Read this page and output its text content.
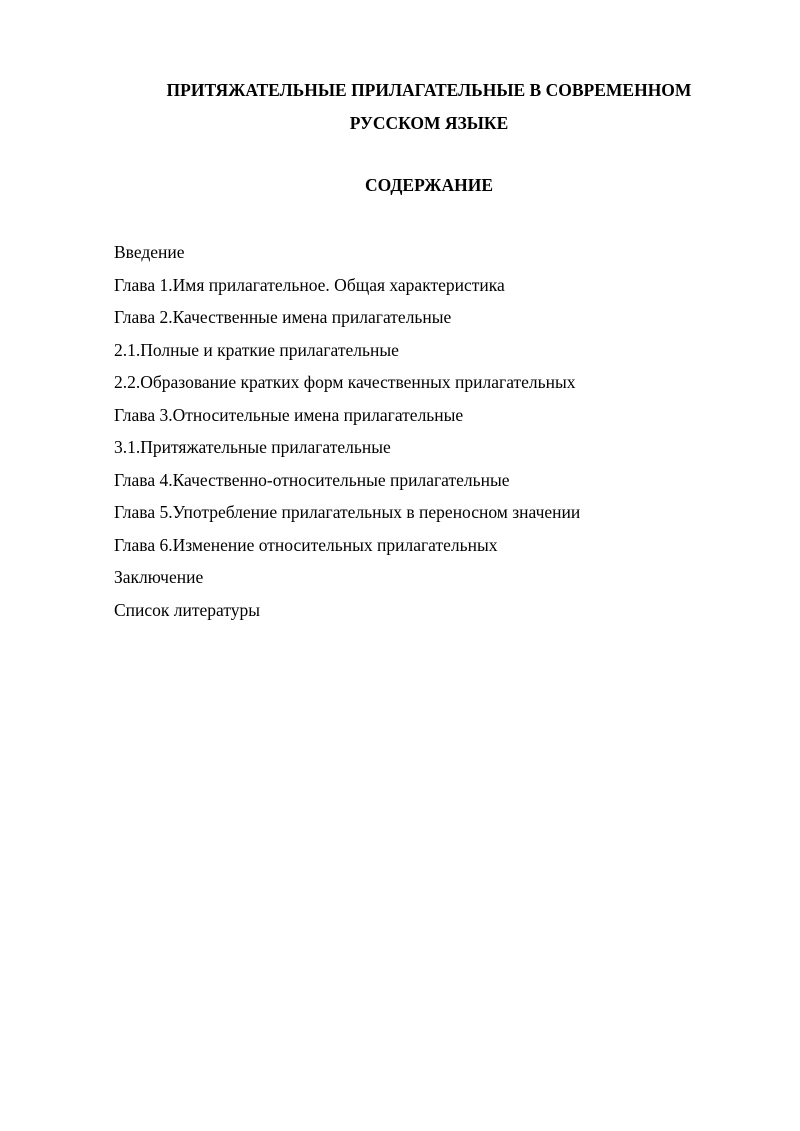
ПРИТЯЖАТЕЛЬНЫЕ ПРИЛАГАТЕЛЬНЫЕ В СОВРЕМЕННОМ
РУССКОМ ЯЗЫКЕ
СОДЕРЖАНИЕ
Введение
Глава 1.Имя прилагательное. Общая характеристика
Глава 2.Качественные имена прилагательные
2.1.Полные и краткие прилагательные
2.2.Образование кратких форм качественных прилагательных
Глава 3.Относительные имена прилагательные
3.1.Притяжательные прилагательные
Глава 4.Качественно-относительные прилагательные
Глава 5.Употребление прилагательных в переносном значении
Глава 6.Изменение относительных прилагательных
Заключение
Список литературы
